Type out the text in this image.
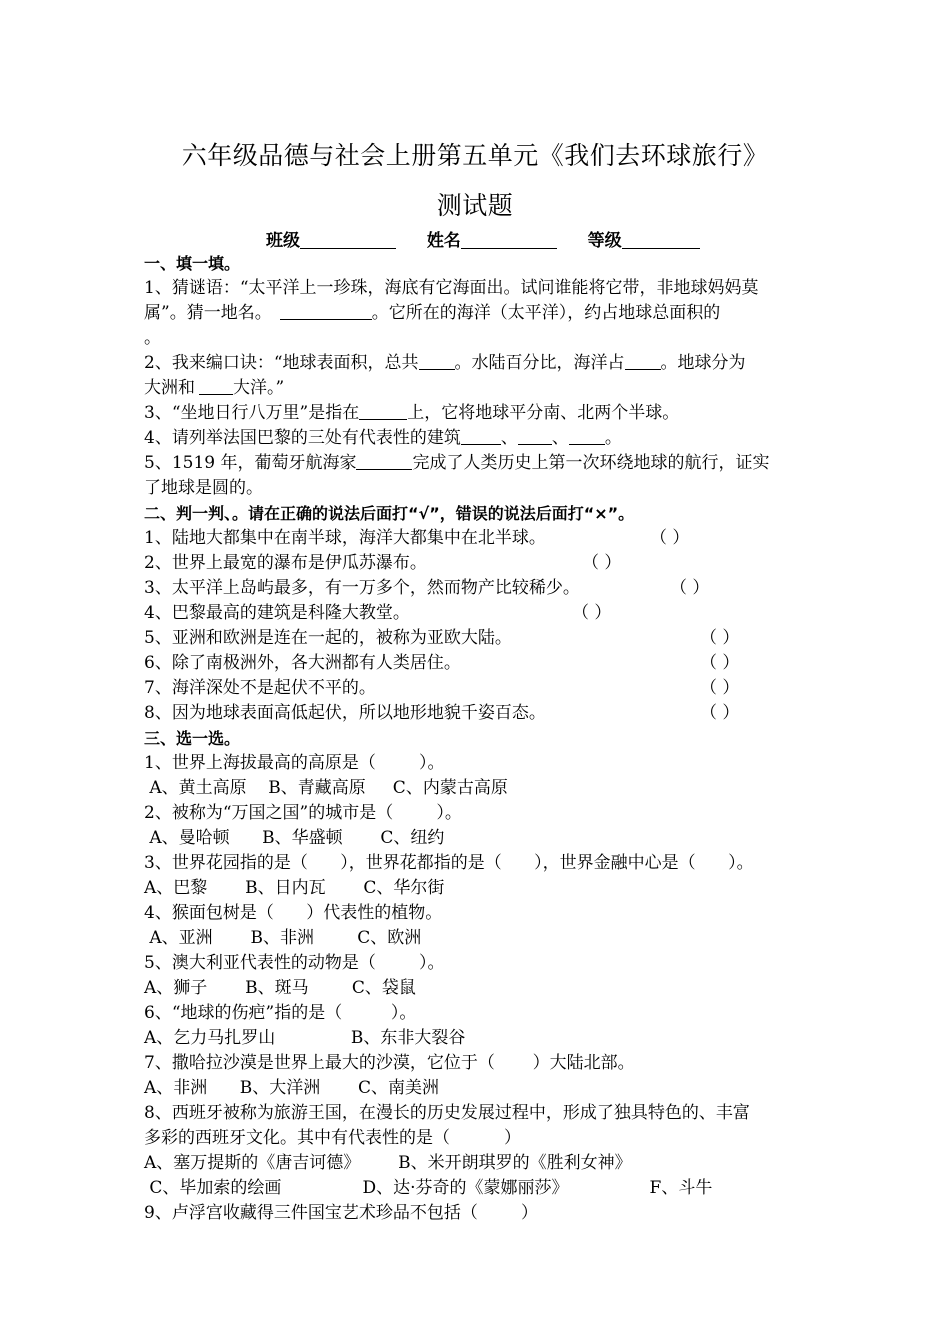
六年级品德与社会上册第五单元《我们去环球旅行》
测试题
班级	姓名	等级
一、填一填。
1、猜谜语：“太平洋上一珍珠，海底有它海面出。试问谁能将它带，非地球妈妈莫
属”。猜一地名。	。它所在的海洋（太平洋），约占地球总面积的
。
2、我来编口诀：“地球表面积，总共 。水陆百分比，海洋占 。地球分为
大洲和 大洋。”
3、“坐地日行八万里”是指在	上，它将地球平分南、北两个半球。
4、请列举法国巴黎的三处有代表性的建筑 、 、 。
5、1519 年，葡萄牙航海家	完成了人类历史上第一次环绕地球的航行，证实
了地球是圆的。
二、判一判、。请在正确的说法后面打“√”，错误的说法后面打“×”。
1、陆地大都集中在南半球，海洋大都集中在北半球。	（ ）
2、世界上最宽的瀑布是伊瓜苏瀑布。	（ ）
3、太平洋上岛屿最多，有一万多个，然而物产比较稀少。	（ ）
4、巴黎最高的建筑是科隆大教堂。	（ ）
5、亚洲和欧洲是连在一起的，被称为亚欧大陆。	（ ）
6、除了南极洲外，各大洲都有人类居住。	（ ）
7、海洋深处不是起伏不平的。	（ ）
8、因为地球表面高低起伏，所以地形地貌千姿百态。	（ ）
三、选一选。
1、世界上海拔最高的高原是（        ）。
A、黄土高原    B、青藏高原     C、内蒙古高原
2、被称为“万国之国”的城市是（        ）。
A、曼哈顿      B、华盛顿       C、纽约
3、世界花园指的是（      ），世界花都指的是（      ），世界金融中心是（      ）。
A、巴黎       B、日内瓦       C、华尔街
4、猴面包树是（      ）代表性的植物。
A、亚洲       B、非洲        C、欧洲
5、澳大利亚代表性的动物是（        ）。
A、狮子       B、斑马        C、袋鼠
6、“地球的伤疤”指的是（         ）。
A、乞力马扎罗山              B、东非大裂谷
7、撒哈拉沙漠是世界上最大的沙漠，它位于（       ）大陆北部。
A、非洲      B、大洋洲       C、南美洲
8、西班牙被称为旅游王国，在漫长的历史发展过程中，形成了独具特色的、丰富
多彩的西班牙文化。其中有代表性的是（          ）
A、塞万提斯的《唐吉诃德》       B、米开朗琪罗的《胜利女神》
C、毕加索的绘画               D、达·芬奇的《蒙娜丽莎》               F、斗牛
9、卢浮宫收藏得三件国宝艺术珍品不包括（        ）
